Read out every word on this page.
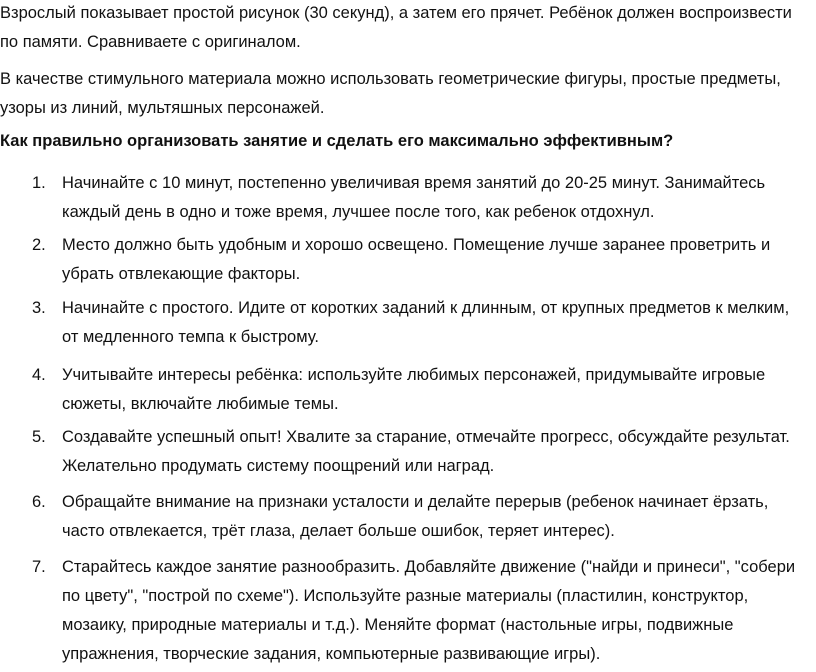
Взрослый показывает простой рисунок (30 секунд), а затем его прячет. Ребёнок должен воспроизвести по памяти. Сравниваете с оригиналом.

В качестве стимульного материала можно использовать геометрические фигуры, простые предметы, узоры из линий, мультяшных персонажей.

Как правильно организовать занятие и сделать его максимально эффективным?

1. Начинайте с 10 минут, постепенно увеличивая время занятий до 20-25 минут. Занимайтесь каждый день в одно и тоже время, лучшее после того, как ребенок отдохнул.
2. Место должно быть удобным и хорошо освещено. Помещение лучше заранее проветрить и убрать отвлекающие факторы.
3. Начинайте с простого. Идите от коротких заданий к длинным, от крупных предметов к мелким, от медленного темпа к быстрому.
4. Учитывайте интересы ребёнка: используйте любимых персонажей, придумывайте игровые сюжеты, включайте любимые темы.
5. Создавайте успешный опыт! Хвалите за старание, отмечайте прогресс, обсуждайте результат. Желательно продумать систему поощрений или наград.
6. Обращайте внимание на признаки усталости и делайте перерыв (ребенок начинает ёрзать, часто отвлекается, трёт глаза, делает больше ошибок, теряет интерес).
7. Старайтесь каждое занятие разнообразить. Добавляйте движение ("найди и принеси", "собери по цвету", "построй по схеме"). Используйте разные материалы (пластилин, конструктор, мозаику, природные материалы и т.д.). Меняйте формат (настольные игры, подвижные упражнения, творческие задания, компьютерные развивающие игры).
